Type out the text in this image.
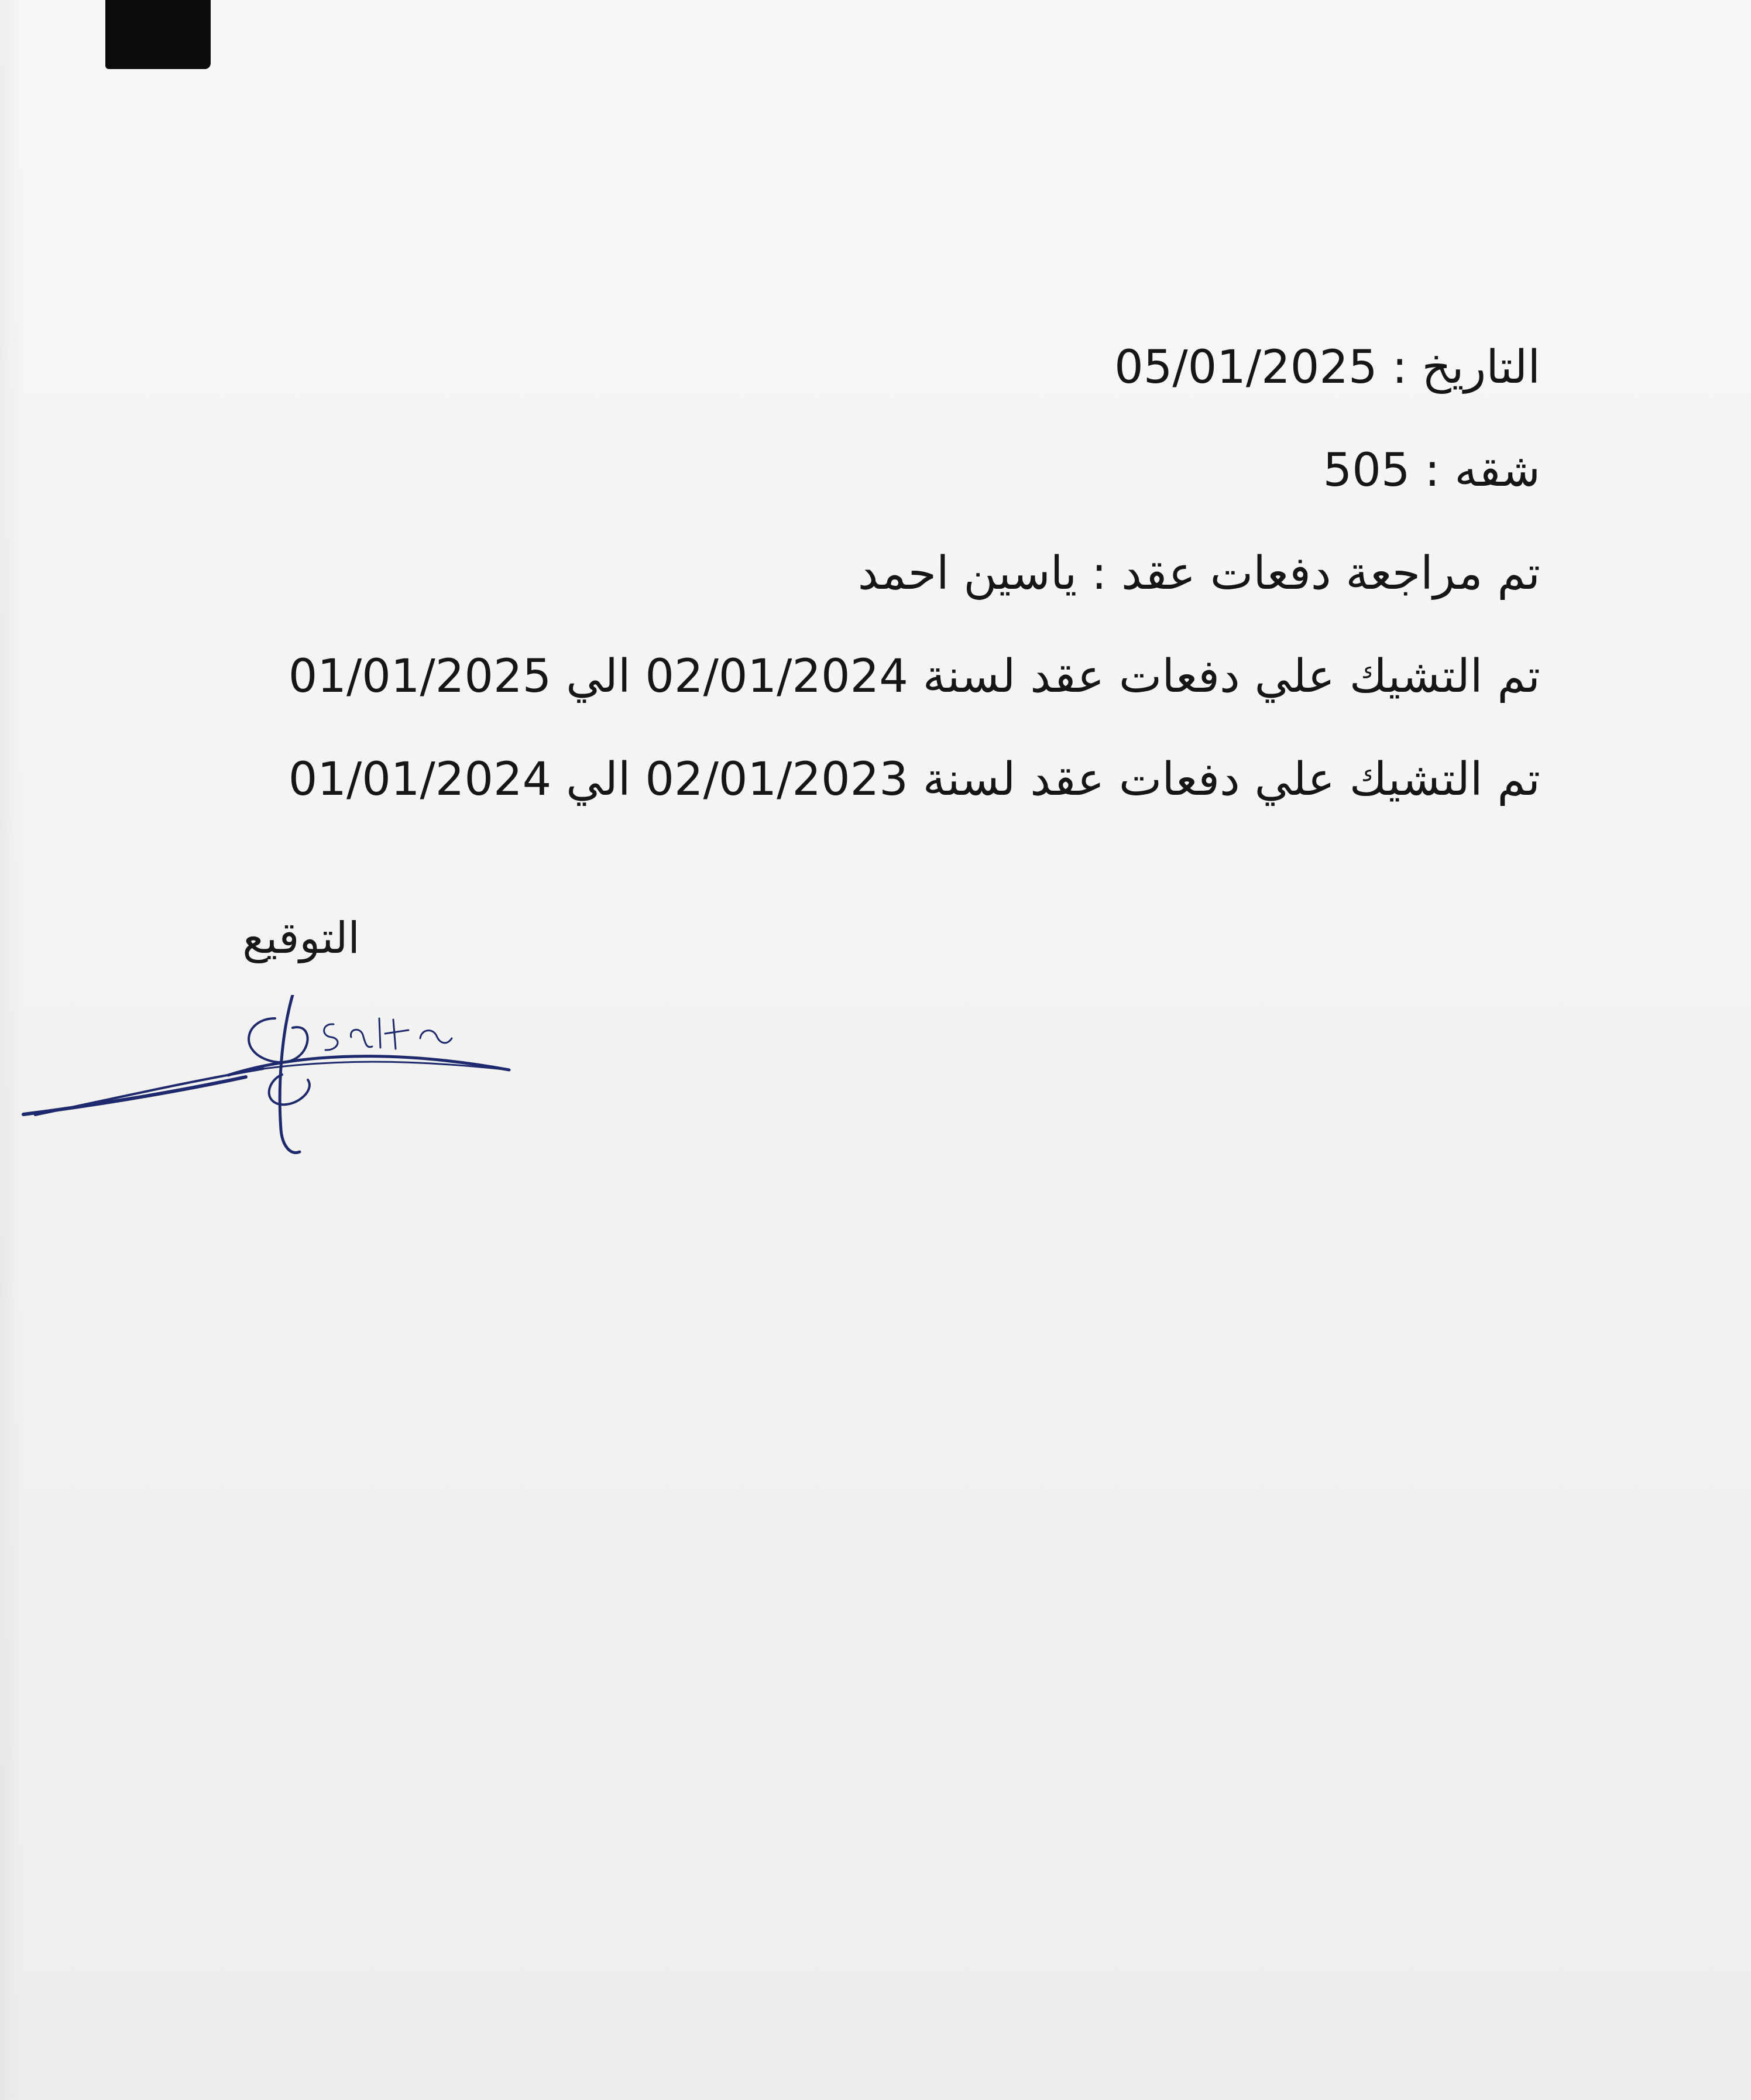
التاريخ : 05/01/2025
شقه : 505
تم مراجعة دفعات عقد : ياسين احمد
تم التشيك علي دفعات عقد لسنة 02/01/2024 الي 01/01/2025
تم التشيك علي دفعات عقد لسنة 02/01/2023 الي 01/01/2024
التوقيع
